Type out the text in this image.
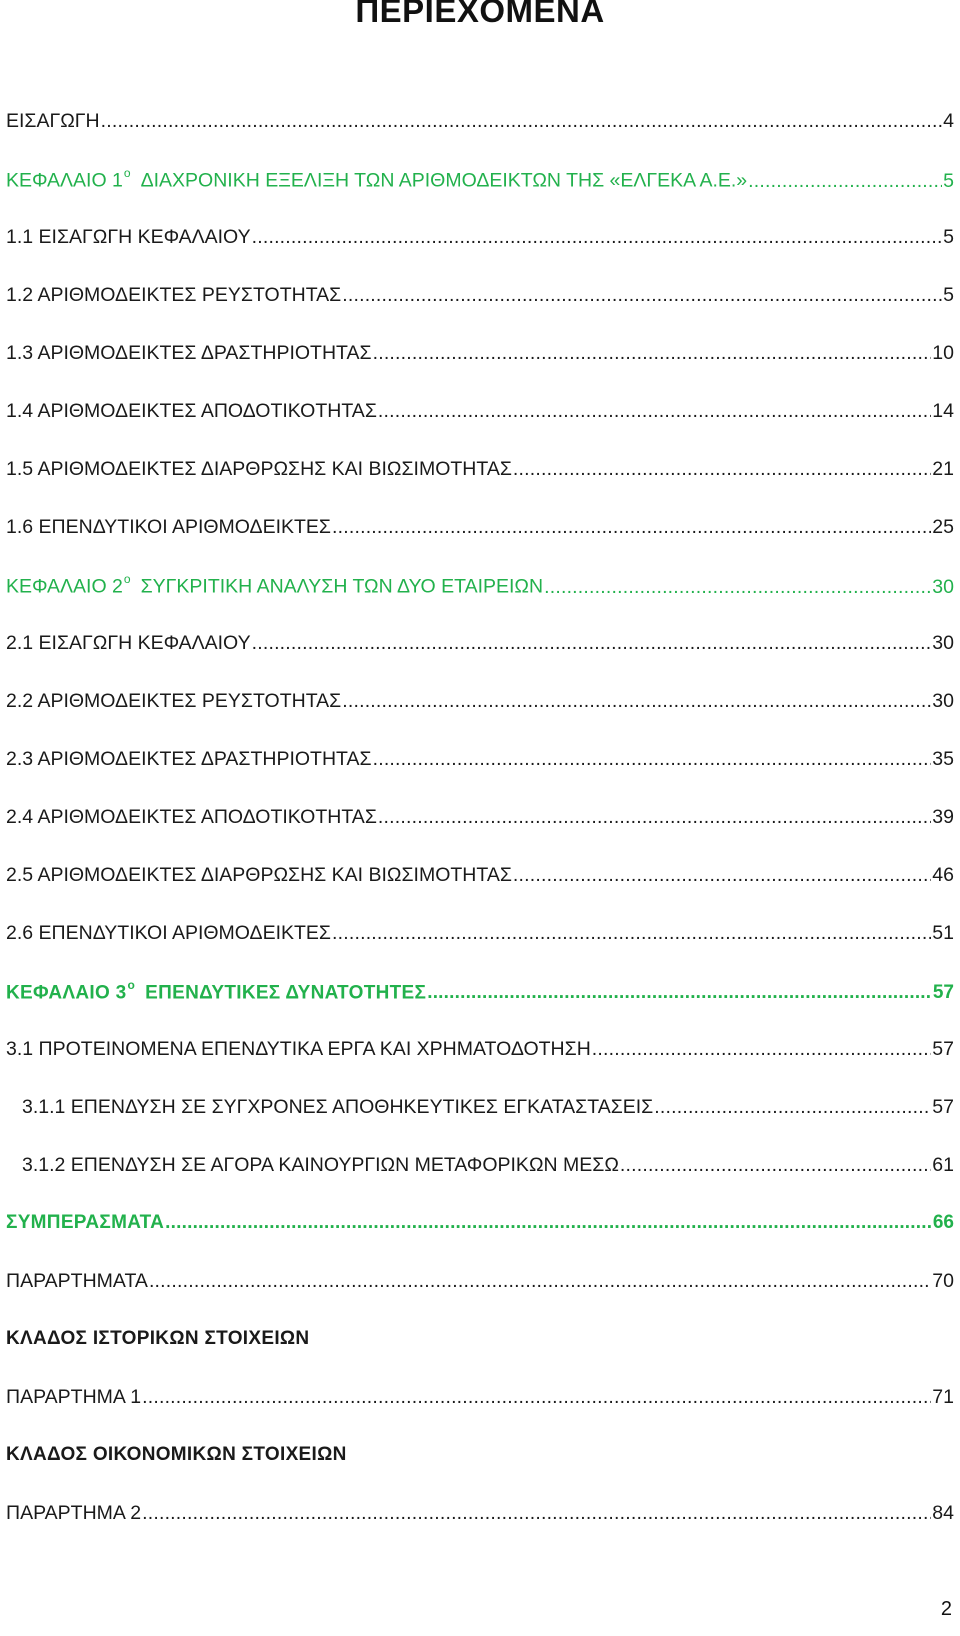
ΠΕΡΙΕΧΟΜΕΝΑ
ΕΙΣΑΓΩΓΗ .....	4
ΚΕΦΑΛΑΙΟ $1^o$ ΔΙΑΧΡΟΝΙΚΗ ΕΞΕΛΙΞΗ ΤΩΝ ΑΡΙΘΜΟΔΕΙΚΤΩΝ ΤΗΣ «ΕΛΓΕΚΑ Α.Ε.» .....	5
1.1 ΕΙΣΑΓΩΓΗ ΚΕΦΑΛΑΙΟΥ .....	5
1.2 ΑΡΙΘΜΟΔΕΙΚΤΕΣ ΡΕΥΣΤΟΤΗΤΑΣ .....	5
1.3 ΑΡΙΘΜΟΔΕΙΚΤΕΣ ΔΡΑΣΤΗΡΙΟΤΗΤΑΣ .....	10
1.4 ΑΡΙΘΜΟΔΕΙΚΤΕΣ ΑΠΟΔΟΤΙΚΟΤΗΤΑΣ .....	14
1.5 ΑΡΙΘΜΟΔΕΙΚΤΕΣ ΔΙΑΡΘΡΩΣΗΣ ΚΑΙ ΒΙΩΣΙΜΟΤΗΤΑΣ .....	21
1.6 ΕΠΕΝΔΥΤΙΚΟΙ ΑΡΙΘΜΟΔΕΙΚΤΕΣ .....	25
ΚΕΦΑΛΑΙΟ $2^o$ ΣΥΓΚΡΙΤΙΚΗ ΑΝΑΛΥΣΗ ΤΩΝ ΔΥΟ ΕΤΑΙΡΕΙΩΝ .....	30
2.1 ΕΙΣΑΓΩΓΗ ΚΕΦΑΛΑΙΟΥ .....	30
2.2 ΑΡΙΘΜΟΔΕΙΚΤΕΣ ΡΕΥΣΤΟΤΗΤΑΣ .....	30
2.3 ΑΡΙΘΜΟΔΕΙΚΤΕΣ ΔΡΑΣΤΗΡΙΟΤΗΤΑΣ .....	35
2.4 ΑΡΙΘΜΟΔΕΙΚΤΕΣ ΑΠΟΔΟΤΙΚΟΤΗΤΑΣ .....	39
2.5 ΑΡΙΘΜΟΔΕΙΚΤΕΣ ΔΙΑΡΘΡΩΣΗΣ ΚΑΙ ΒΙΩΣΙΜΟΤΗΤΑΣ .....	46
2.6 ΕΠΕΝΔΥΤΙΚΟΙ ΑΡΙΘΜΟΔΕΙΚΤΕΣ .....	51
ΚΕΦΑΛΑΙΟ $3^o$ ΕΠΕΝΔΥΤΙΚΕΣ ΔΥΝΑΤΟΤΗΤΕΣ .....	57
3.1 ΠΡΟΤΕΙΝΟΜΕΝΑ ΕΠΕΝΔΥΤΙΚΑ ΕΡΓΑ ΚΑΙ ΧΡΗΜΑΤΟΔΟΤΗΣΗ .....	57
3.1.1 ΕΠΕΝΔΥΣΗ ΣΕ ΣΥΓΧΡΟΝΕΣ ΑΠΟΘΗΚΕΥΤΙΚΕΣ ΕΓΚΑΤΑΣΤΑΣΕΙΣ .....	57
3.1.2 ΕΠΕΝΔΥΣΗ ΣΕ ΑΓΟΡΑ ΚΑΙΝΟΥΡΓΙΩΝ ΜΕΤΑΦΟΡΙΚΩΝ ΜΕΣΩ .....	61
ΣΥΜΠΕΡΑΣΜΑΤΑ .....	66
ΠΑΡΑΡΤΗΜΑΤΑ .....	70
ΚΛΑΔΟΣ ΙΣΤΟΡΙΚΩΝ ΣΤΟΙΧΕΙΩΝ
ΠΑΡΑΡΤΗΜΑ 1 .....	71
ΚΛΑΔΟΣ ΟΙΚΟΝΟΜΙΚΩΝ ΣΤΟΙΧΕΙΩΝ
ΠΑΡΑΡΤΗΜΑ 2 .....	84
2
